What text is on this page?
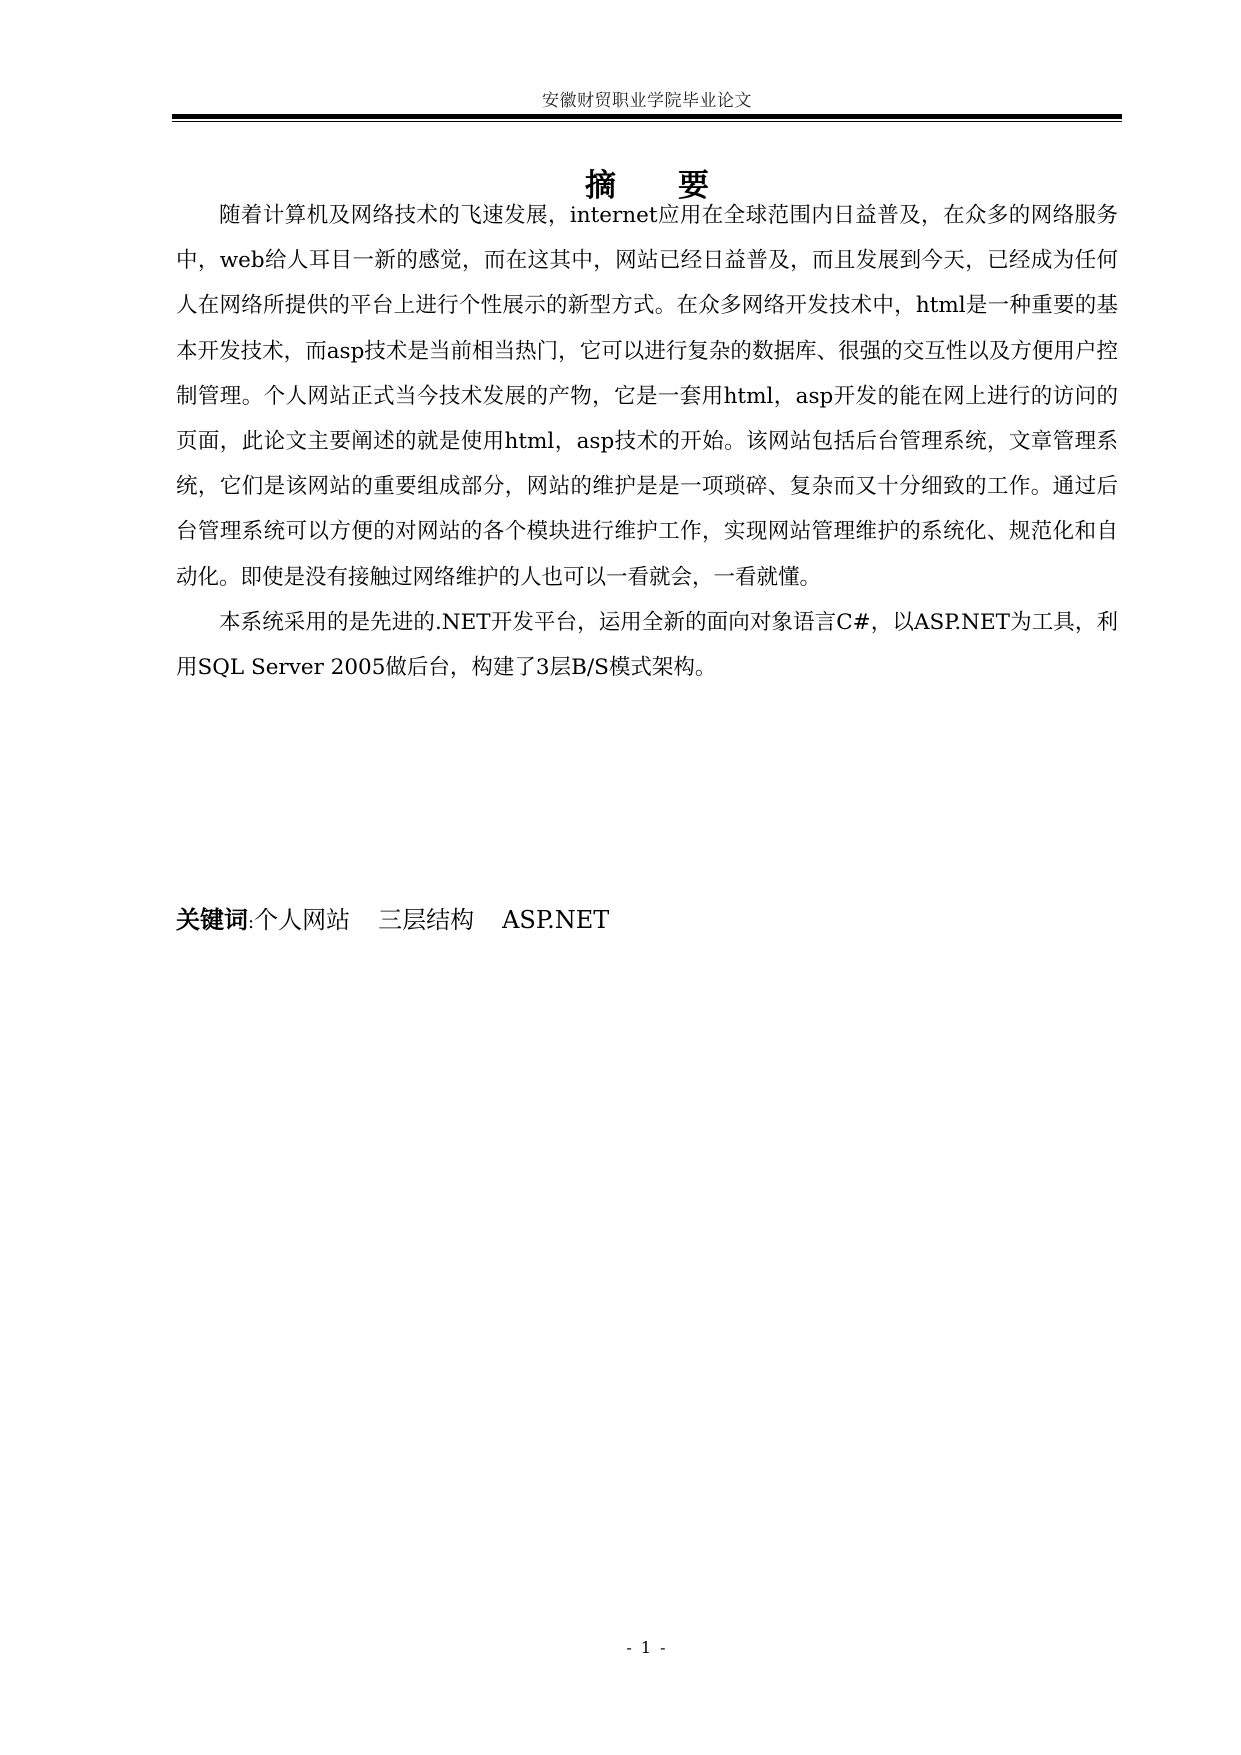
安徽财贸职业学院毕业论文
摘 要

随着计算机及网络技术的飞速发展，internet应用在全球范围内日益普及，在众多的网络服务中，web给人耳目一新的感觉，而在这其中，网站已经日益普及，而且发展到今天，已经成为任何人在网络所提供的平台上进行个性展示的新型方式。在众多网络开发技术中，html是一种重要的基本开发技术，而asp技术是当前相当热门，它可以进行复杂的数据库、很强的交互性以及方便用户控制管理。个人网站正式当今技术发展的产物，它是一套用html，asp开发的能在网上进行的访问的页面，此论文主要阐述的就是使用html，asp技术的开始。该网站包括后台管理系统，文章管理系统，它们是该网站的重要组成部分，网站的维护是是一项琐碎、复杂而又十分细致的工作。通过后台管理系统可以方便的对网站的各个模块进行维护工作，实现网站管理维护的系统化、规范化和自动化。即使是没有接触过网络维护的人也可以一看就会，一看就懂。

本系统采用的是先进的.NET开发平台，运用全新的面向对象语言C#，以ASP.NET为工具，利用SQL Server 2005做后台，构建了3层B/S模式架构。

关键词:个人网站 三层结构 ASP.NET
- 1 -
